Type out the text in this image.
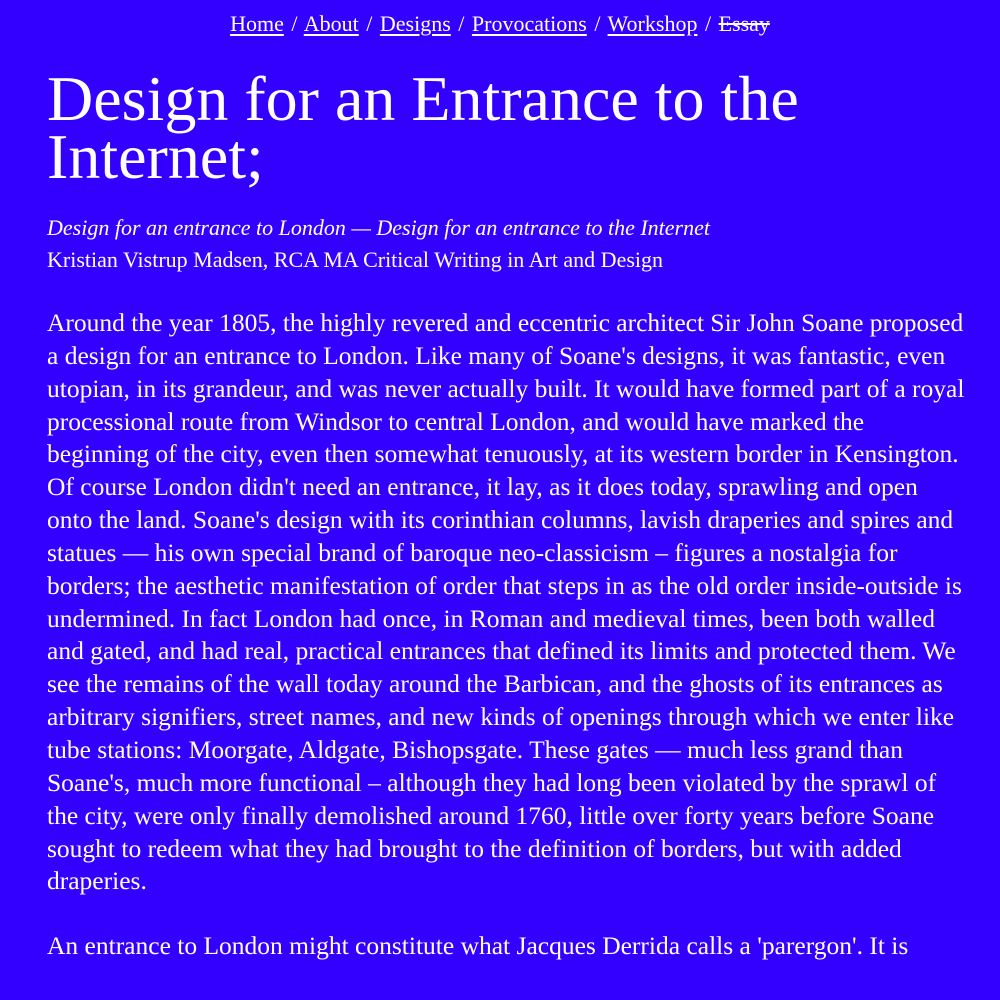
Home / About / Designs / Provocations / Workshop / Essay
Design for an Entrance to the Internet;

Design for an entrance to London — Design for an entrance to the Internet

Kristian Vistrup Madsen, RCA MA Critical Writing in Art and Design

Around the year 1805, the highly revered and eccentric architect Sir John Soane proposed a design for an entrance to London. Like many of Soane's designs, it was fantastic, even utopian, in its grandeur, and was never actually built. It would have formed part of a royal processional route from Windsor to central London, and would have marked the beginning of the city, even then somewhat tenuously, at its western border in Kensington. Of course London didn't need an entrance, it lay, as it does today, sprawling and open onto the land. Soane's design with its corinthian columns, lavish draperies and spires and statues — his own special brand of baroque neo-classicism – figures a nostalgia for borders; the aesthetic manifestation of order that steps in as the old order inside-outside is undermined. In fact London had once, in Roman and medieval times, been both walled and gated, and had real, practical entrances that defined its limits and protected them. We see the remains of the wall today around the Barbican, and the ghosts of its entrances as arbitrary signifiers, street names, and new kinds of openings through which we enter like tube stations: Moorgate, Aldgate, Bishopsgate. These gates — much less grand than Soane's, much more functional – although they had long been violated by the sprawl of the city, were only finally demolished around 1760, little over forty years before Soane sought to redeem what they had brought to the definition of borders, but with added draperies.

An entrance to London might constitute what Jacques Derrida calls a 'parergon'. It is
